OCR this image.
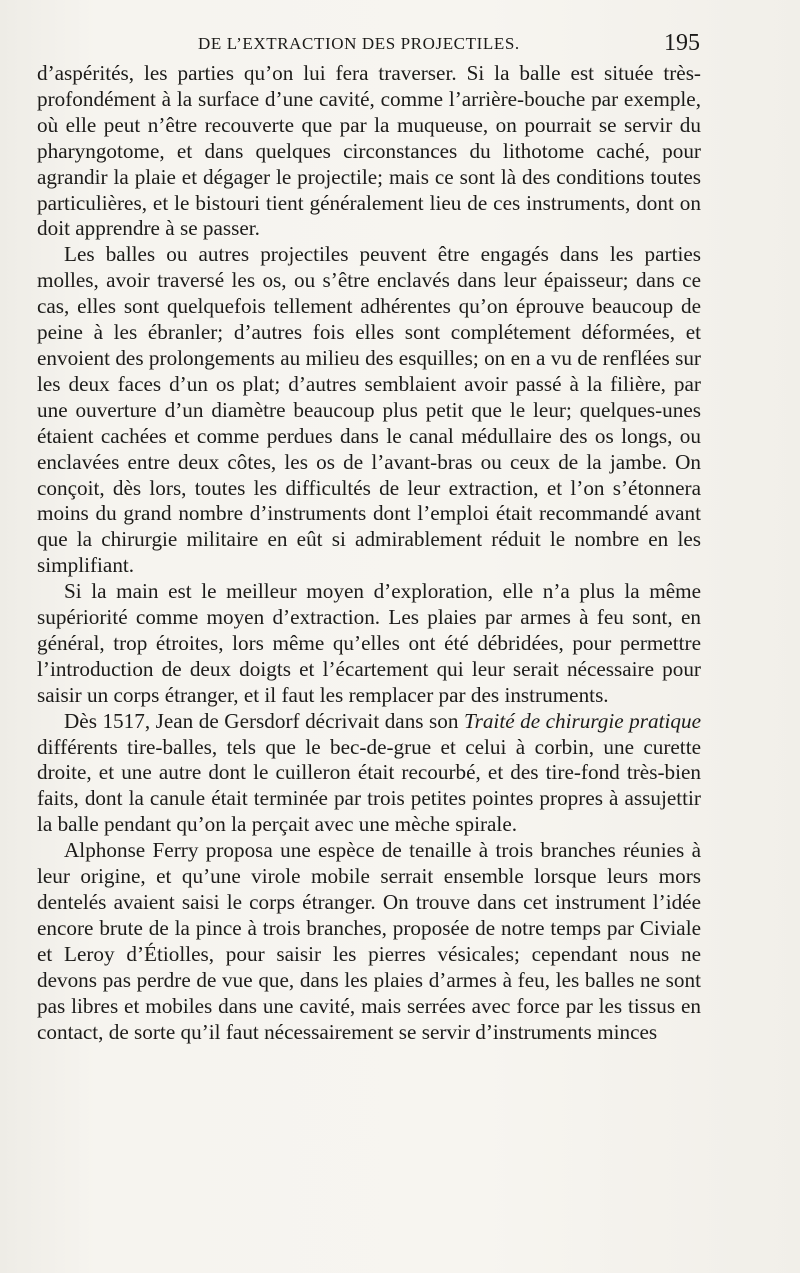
DE L’EXTRACTION DES PROJECTILES.	195

d’aspérités, les parties qu’on lui fera traverser. Si la balle est située très-profondément à la surface d’une cavité, comme l’arrière-bouche par exemple, où elle peut n’être recouverte que par la muqueuse, on pourrait se servir du pharyngotome, et dans quelques circonstances du lithotome caché, pour agrandir la plaie et dégager le projectile; mais ce sont là des conditions toutes particulières, et le bistouri tient généralement lieu de ces instruments, dont on doit apprendre à se passer.

Les balles ou autres projectiles peuvent être engagés dans les parties molles, avoir traversé les os, ou s’être enclavés dans leur épaisseur; dans ce cas, elles sont quelquefois tellement adhérentes qu’on éprouve beaucoup de peine à les ébranler; d’autres fois elles sont complétement déformées, et envoient des prolongements au milieu des esquilles; on en a vu de renflées sur les deux faces d’un os plat; d’autres semblaient avoir passé à la filière, par une ouverture d’un diamètre beaucoup plus petit que le leur; quelques-unes étaient cachées et comme perdues dans le canal médullaire des os longs, ou enclavées entre deux côtes, les os de l’avant-bras ou ceux de la jambe. On conçoit, dès lors, toutes les difficultés de leur extraction, et l’on s’étonnera moins du grand nombre d’instruments dont l’emploi était recommandé avant que la chirurgie militaire en eût si admirablement réduit le nombre en les simplifiant.

Si la main est le meilleur moyen d’exploration, elle n’a plus la même supériorité comme moyen d’extraction. Les plaies par armes à feu sont, en général, trop étroites, lors même qu’elles ont été débridées, pour permettre l’introduction de deux doigts et l’écartement qui leur serait nécessaire pour saisir un corps étranger, et il faut les remplacer par des instruments.

Dès 1517, Jean de Gersdorf décrivait dans son Traité de chirurgie pratique différents tire-balles, tels que le bec-de-grue et celui à corbin, une curette droite, et une autre dont le cuilleron était recourbé, et des tire-fond très-bien faits, dont la canule était terminée par trois petites pointes propres à assujettir la balle pendant qu’on la perçait avec une mèche spirale.

Alphonse Ferry proposa une espèce de tenaille à trois branches réunies à leur origine, et qu’une virole mobile serrait ensemble lorsque leurs mors dentelés avaient saisi le corps étranger. On trouve dans cet instrument l’idée encore brute de la pince à trois branches, proposée de notre temps par Civiale et Leroy d’Étiolles, pour saisir les pierres vésicales; cependant nous ne devons pas perdre de vue que, dans les plaies d’armes à feu, les balles ne sont pas libres et mobiles dans une cavité, mais serrées avec force par les tissus en contact, de sorte qu’il faut nécessairement se servir d’instruments minces
